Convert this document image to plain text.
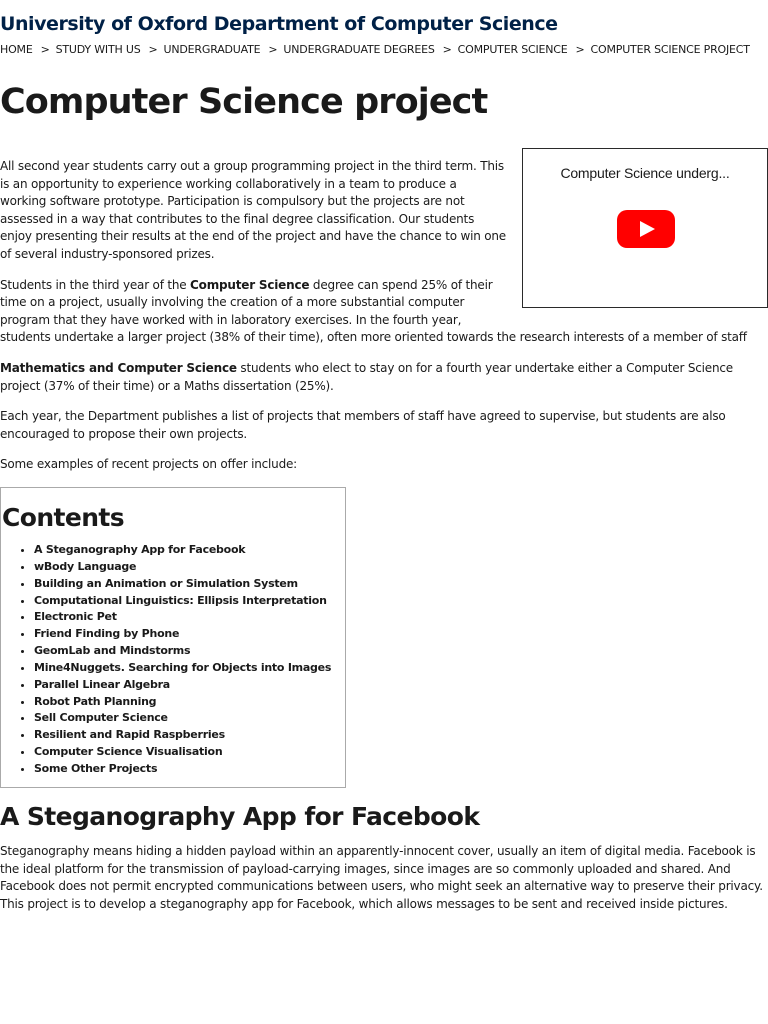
University of Oxford Department of Computer Science
HOME > STUDY WITH US > UNDERGRADUATE > UNDERGRADUATE DEGREES > COMPUTER SCIENCE > COMPUTER SCIENCE PROJECT
Computer Science project
Computer Science underg...

All second year students carry out a group programming project in the third term. This is an opportunity to experience working collaboratively in a team to produce a working software prototype. Participation is compulsory but the projects are not assessed in a way that contributes to the final degree classification. Our students enjoy presenting their results at the end of the project and have the chance to win one of several industry-sponsored prizes.

Students in the third year of the Computer Science degree can spend 25% of their time on a project, usually involving the creation of a more substantial computer program that they have worked with in laboratory exercises. In the fourth year, students undertake a larger project (38% of their time), often more oriented towards the research interests of a member of staff

Mathematics and Computer Science students who elect to stay on for a fourth year undertake either a Computer Science project (37% of their time) or a Maths dissertation (25%).

Each year, the Department publishes a list of projects that members of staff have agreed to supervise, but students are also encouraged to propose their own projects.

Some examples of recent projects on offer include:

Contents
• A Steganography App for Facebook
• wBody Language
• Building an Animation or Simulation System
• Computational Linguistics: Ellipsis Interpretation
• Electronic Pet
• Friend Finding by Phone
• GeomLab and Mindstorms
• Mine4Nuggets. Searching for Objects into Images
• Parallel Linear Algebra
• Robot Path Planning
• Sell Computer Science
• Resilient and Rapid Raspberries
• Computer Science Visualisation
• Some Other Projects
A Steganography App for Facebook

Steganography means hiding a hidden payload within an apparently-innocent cover, usually an item of digital media. Facebook is the ideal platform for the transmission of payload-carrying images, since images are so commonly uploaded and shared. And Facebook does not permit encrypted communications between users, who might seek an alternative way to preserve their privacy. This project is to develop a steganography app for Facebook, which allows messages to be sent and received inside pictures.
